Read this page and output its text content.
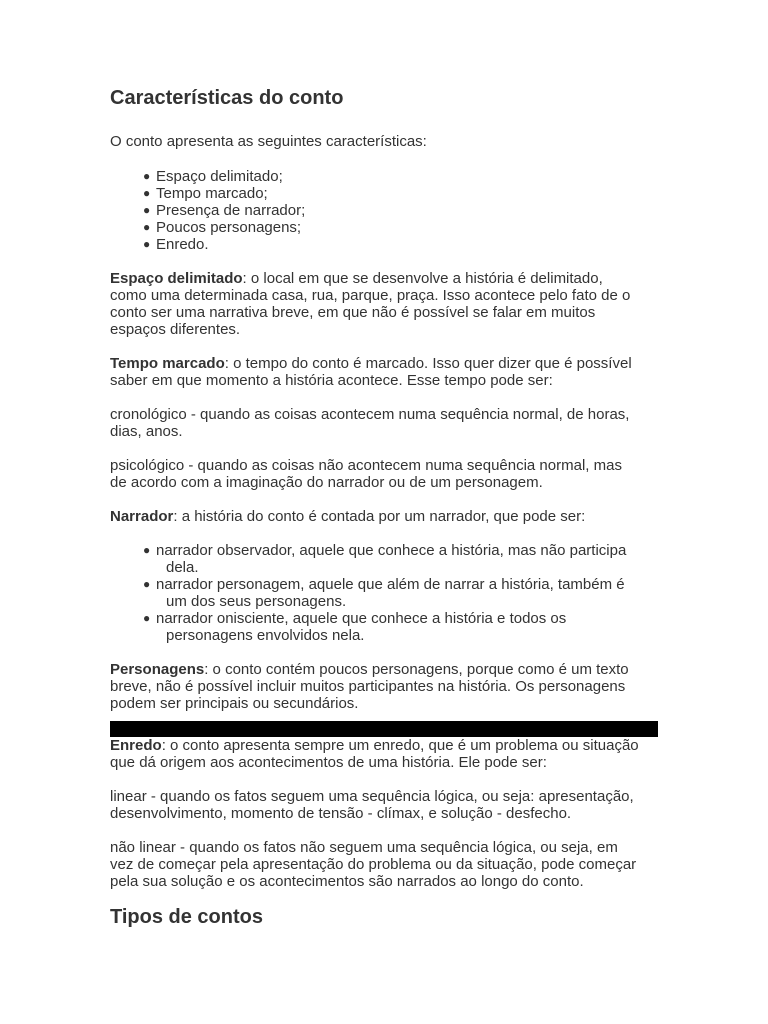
Características do conto

O conto apresenta as seguintes características:

● Espaço delimitado;
● Tempo marcado;
● Presença de narrador;
● Poucos personagens;
● Enredo.

Espaço delimitado: o local em que se desenvolve a história é delimitado,
como uma determinada casa, rua, parque, praça. Isso acontece pelo fato de o
conto ser uma narrativa breve, em que não é possível se falar em muitos
espaços diferentes.

Tempo marcado: o tempo do conto é marcado. Isso quer dizer que é possível
saber em que momento a história acontece. Esse tempo pode ser:

cronológico - quando as coisas acontecem numa sequência normal, de horas,
dias, anos.

psicológico - quando as coisas não acontecem numa sequência normal, mas
de acordo com a imaginação do narrador ou de um personagem.

Narrador: a história do conto é contada por um narrador, que pode ser:

● narrador observador, aquele que conhece a história, mas não participa
dela.
● narrador personagem, aquele que além de narrar a história, também é
um dos seus personagens.
● narrador onisciente, aquele que conhece a história e todos os
personagens envolvidos nela.

Personagens: o conto contém poucos personagens, porque como é um texto
breve, não é possível incluir muitos participantes na história. Os personagens
podem ser principais ou secundários.

Enredo: o conto apresenta sempre um enredo, que é um problema ou situação
que dá origem aos acontecimentos de uma história. Ele pode ser:

linear - quando os fatos seguem uma sequência lógica, ou seja: apresentação,
desenvolvimento, momento de tensão - clímax, e solução - desfecho.

não linear - quando os fatos não seguem uma sequência lógica, ou seja, em
vez de começar pela apresentação do problema ou da situação, pode começar
pela sua solução e os acontecimentos são narrados ao longo do conto.

Tipos de contos
